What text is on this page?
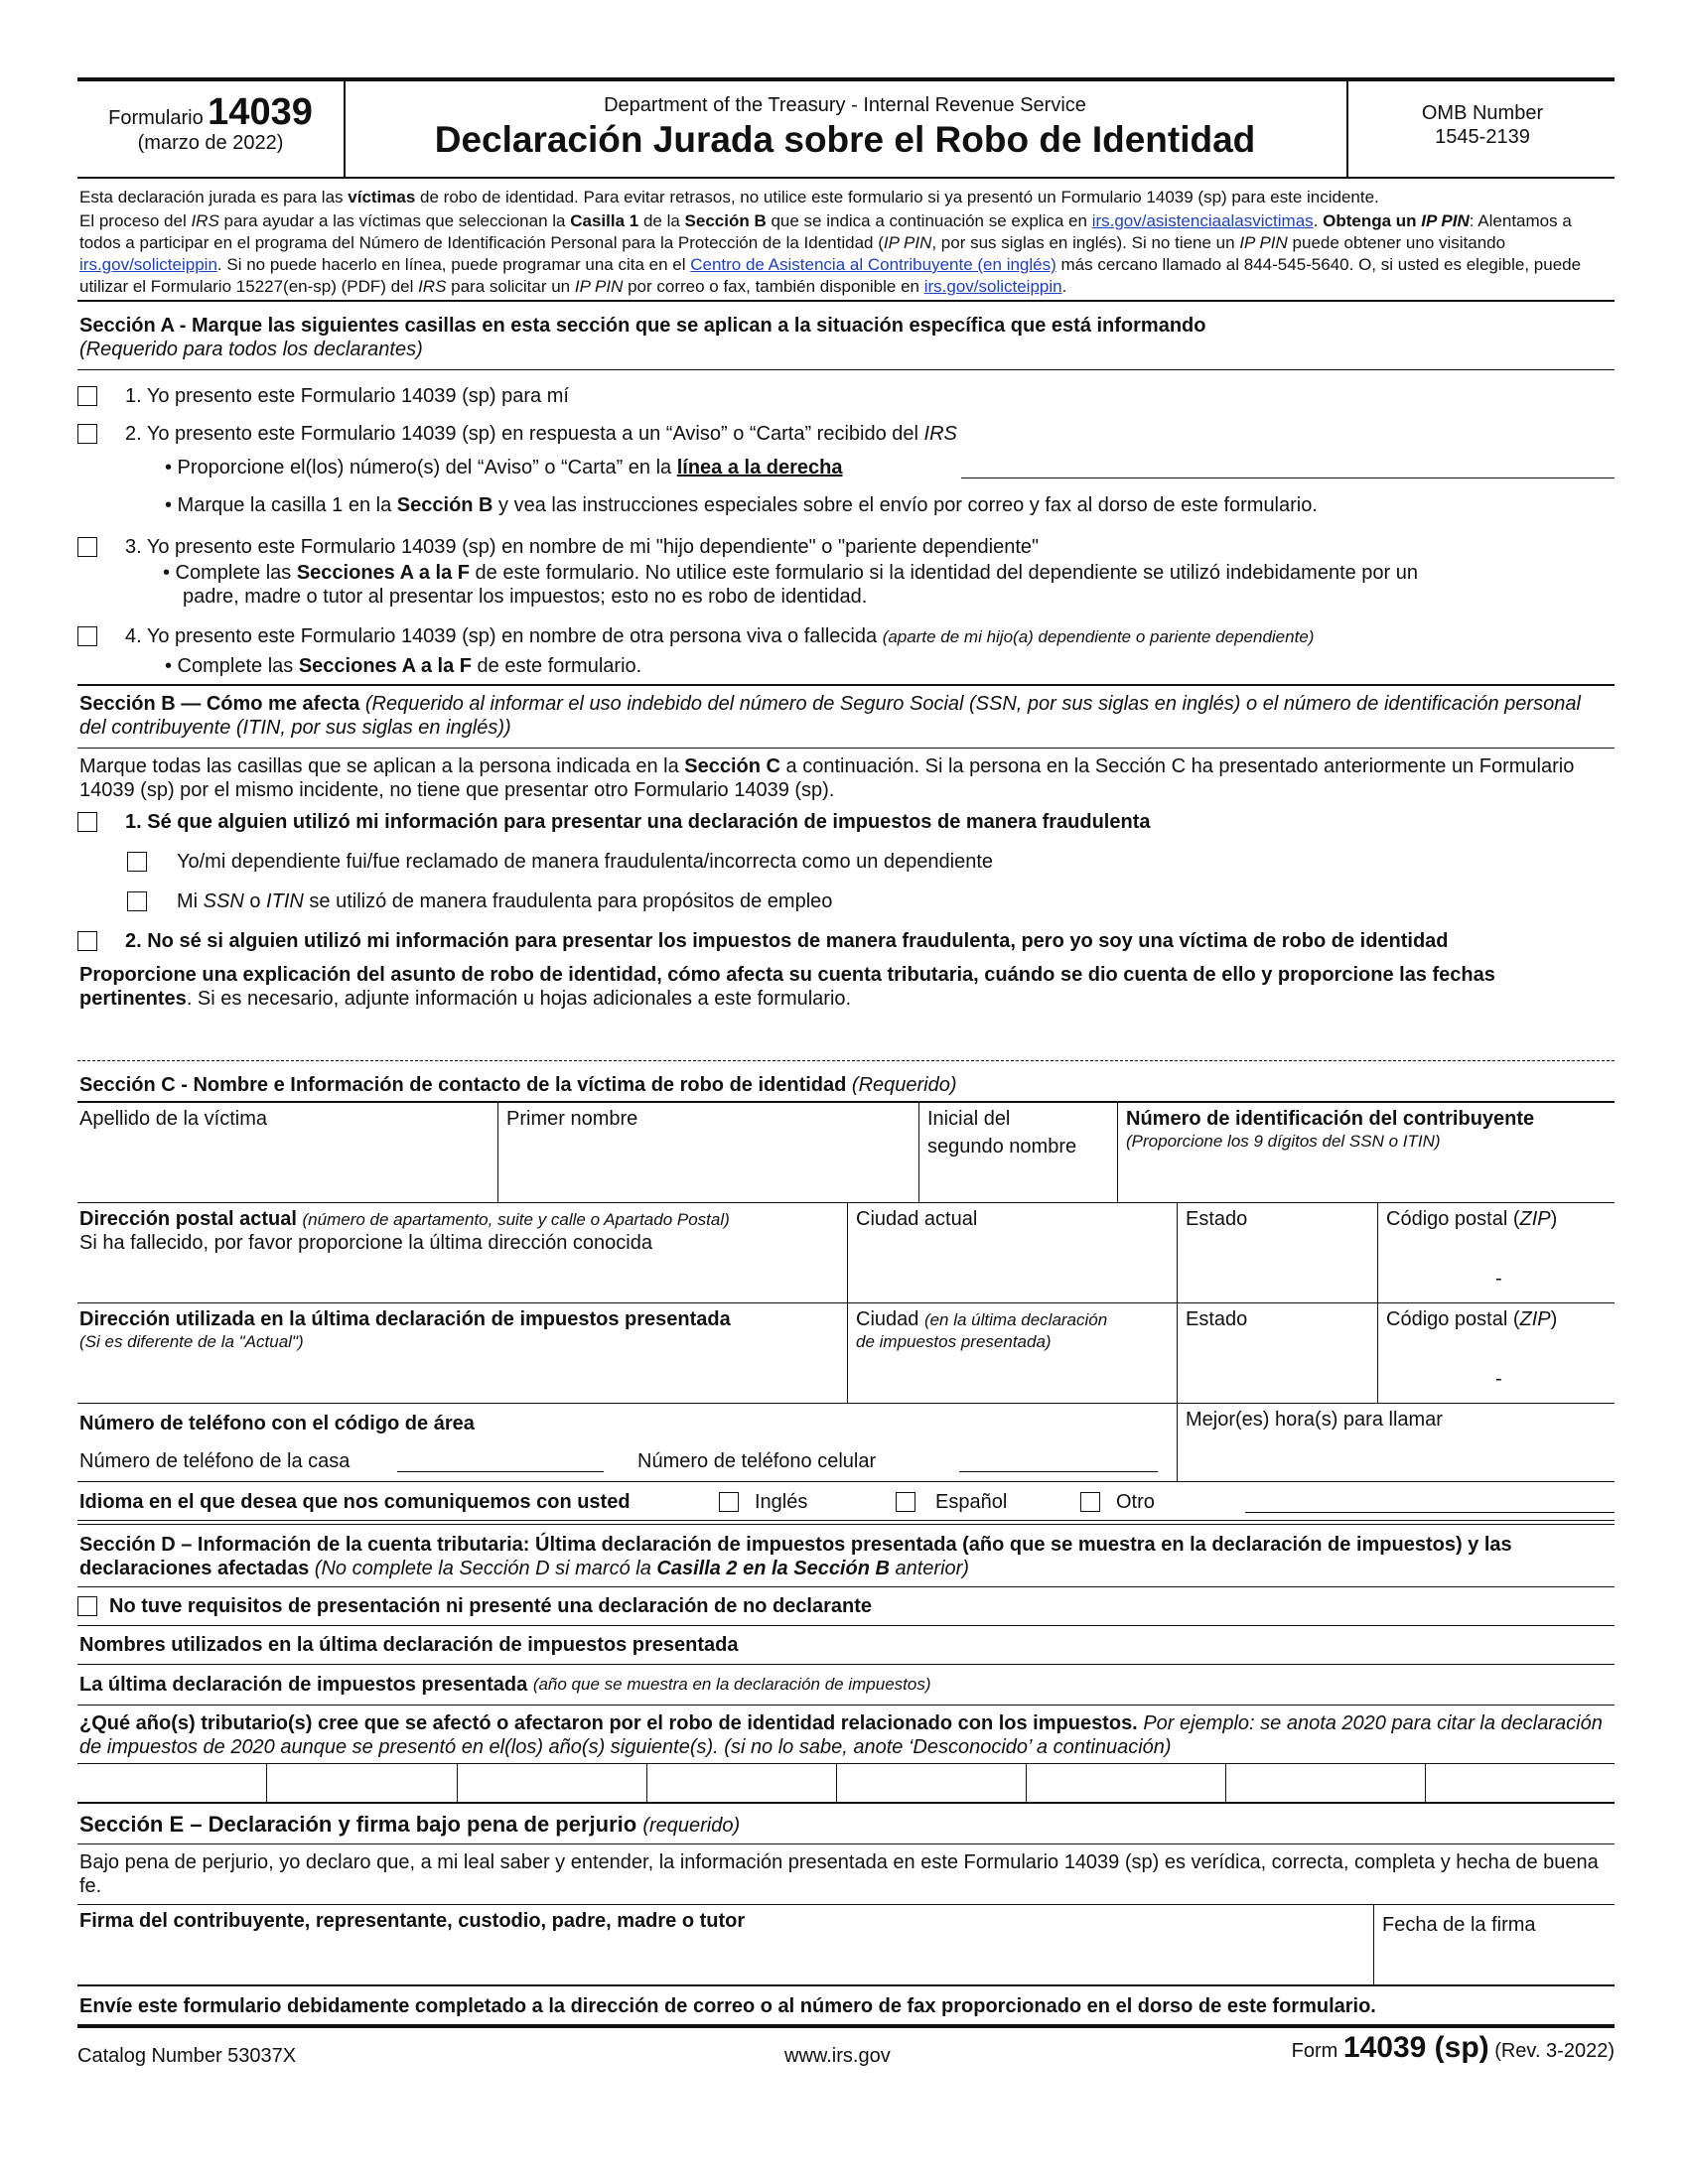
Formulario 14039
(marzo de 2022)
Department of the Treasury - Internal Revenue Service
Declaración Jurada sobre el Robo de Identidad
OMB Number
1545-2139
Esta declaración jurada es para las víctimas de robo de identidad. Para evitar retrasos, no utilice este formulario si ya presentó un Formulario 14039 (sp) para este incidente.
El proceso del IRS para ayudar a las víctimas que seleccionan la Casilla 1 de la Sección B que se indica a continuación se explica en irs.gov/asistenciaalasvictimas. Obtenga un IP PIN: Alentamos a todos a participar en el programa del Número de Identificación Personal para la Protección de la Identidad (IP PIN, por sus siglas en inglés). Si no tiene un IP PIN puede obtener uno visitando irs.gov/solicteippin. Si no puede hacerlo en línea, puede programar una cita en el Centro de Asistencia al Contribuyente (en inglés) más cercano llamado al 844-545-5640. O, si usted es elegible, puede utilizar el Formulario 15227(en-sp) (PDF) del IRS para solicitar un IP PIN por correo o fax, también disponible en irs.gov/solicteippin.
Sección A - Marque las siguientes casillas en esta sección que se aplican a la situación específica que está informando
(Requerido para todos los declarantes)
1. Yo presento este Formulario 14039 (sp) para mí
2. Yo presento este Formulario 14039 (sp) en respuesta a un “Aviso” o “Carta” recibido del IRS
• Proporcione el(los) número(s) del “Aviso” o “Carta” en la línea a la derecha
• Marque la casilla 1 en la Sección B y vea las instrucciones especiales sobre el envío por correo y fax al dorso de este formulario.
3. Yo presento este Formulario 14039 (sp) en nombre de mi "hijo dependiente" o "pariente dependiente"
• Complete las Secciones A a la F de este formulario. No utilice este formulario si la identidad del dependiente se utilizó indebidamente por un
padre, madre o tutor al presentar los impuestos; esto no es robo de identidad.
4. Yo presento este Formulario 14039 (sp) en nombre de otra persona viva o fallecida (aparte de mi hijo(a) dependiente o pariente dependiente)
• Complete las Secciones A a la F de este formulario.
Sección B — Cómo me afecta (Requerido al informar el uso indebido del número de Seguro Social (SSN, por sus siglas en inglés) o el número de identificación personal del contribuyente (ITIN, por sus siglas en inglés))
Marque todas las casillas que se aplican a la persona indicada en la Sección C a continuación. Si la persona en la Sección C ha presentado anteriormente un Formulario 14039 (sp) por el mismo incidente, no tiene que presentar otro Formulario 14039 (sp).
1. Sé que alguien utilizó mi información para presentar una declaración de impuestos de manera fraudulenta
Yo/mi dependiente fui/fue reclamado de manera fraudulenta/incorrecta como un dependiente
Mi SSN o ITIN se utilizó de manera fraudulenta para propósitos de empleo
2. No sé si alguien utilizó mi información para presentar los impuestos de manera fraudulenta, pero yo soy una víctima de robo de identidad
Proporcione una explicación del asunto de robo de identidad, cómo afecta su cuenta tributaria, cuándo se dio cuenta de ello y proporcione las fechas pertinentes. Si es necesario, adjunte información u hojas adicionales a este formulario.
Sección C - Nombre e Información de contacto de la víctima de robo de identidad (Requerido)
Apellido de la víctima	Primer nombre	Inicial del
segundo nombre
Número de identificación del contribuyente
(Proporcione los 9 dígitos del SSN o ITIN)
Dirección postal actual (número de apartamento, suite y calle o Apartado Postal)
Si ha fallecido, por favor proporcione la última dirección conocida
Ciudad actual	Estado	Código postal (ZIP)
-
Dirección utilizada en la última declaración de impuestos presentada
(Si es diferente de la "Actual")
Ciudad (en la última declaración
de impuestos presentada)
Estado	Código postal (ZIP)
-
Número de teléfono con el código de área
Número de teléfono de la casa	Número de teléfono celular
Mejor(es) hora(s) para llamar
Idioma en el que desea que nos comuniquemos con usted	Inglés	Español	Otro
Sección D – Información de la cuenta tributaria: Última declaración de impuestos presentada (año que se muestra en la declaración de impuestos) y las declaraciones afectadas (No complete la Sección D si marcó la Casilla 2 en la Sección B anterior)
No tuve requisitos de presentación ni presenté una declaración de no declarante
Nombres utilizados en la última declaración de impuestos presentada
La última declaración de impuestos presentada
(año que se muestra en la declaración de impuestos)
¿Qué año(s) tributario(s) cree que se afectó o afectaron por el robo de identidad relacionado con los impuestos. Por ejemplo: se anota 2020 para citar la declaración de impuestos de 2020 aunque se presentó en el(los) año(s) siguiente(s). (si no lo sabe, anote ‘Desconocido’ a continuación)
Sección E – Declaración y firma bajo pena de perjurio (requerido)
Bajo pena de perjurio, yo declaro que, a mi leal saber y entender, la información presentada en este Formulario 14039 (sp) es verídica, correcta, completa y hecha de buena fe.
Firma del contribuyente, representante, custodio, padre, madre o tutor	Fecha de la firma
Envíe este formulario debidamente completado a la dirección de correo o al número de fax proporcionado en el dorso de este formulario.
Catalog Number 53037X	www.irs.gov	Form 14039 (sp) (Rev. 3-2022)
